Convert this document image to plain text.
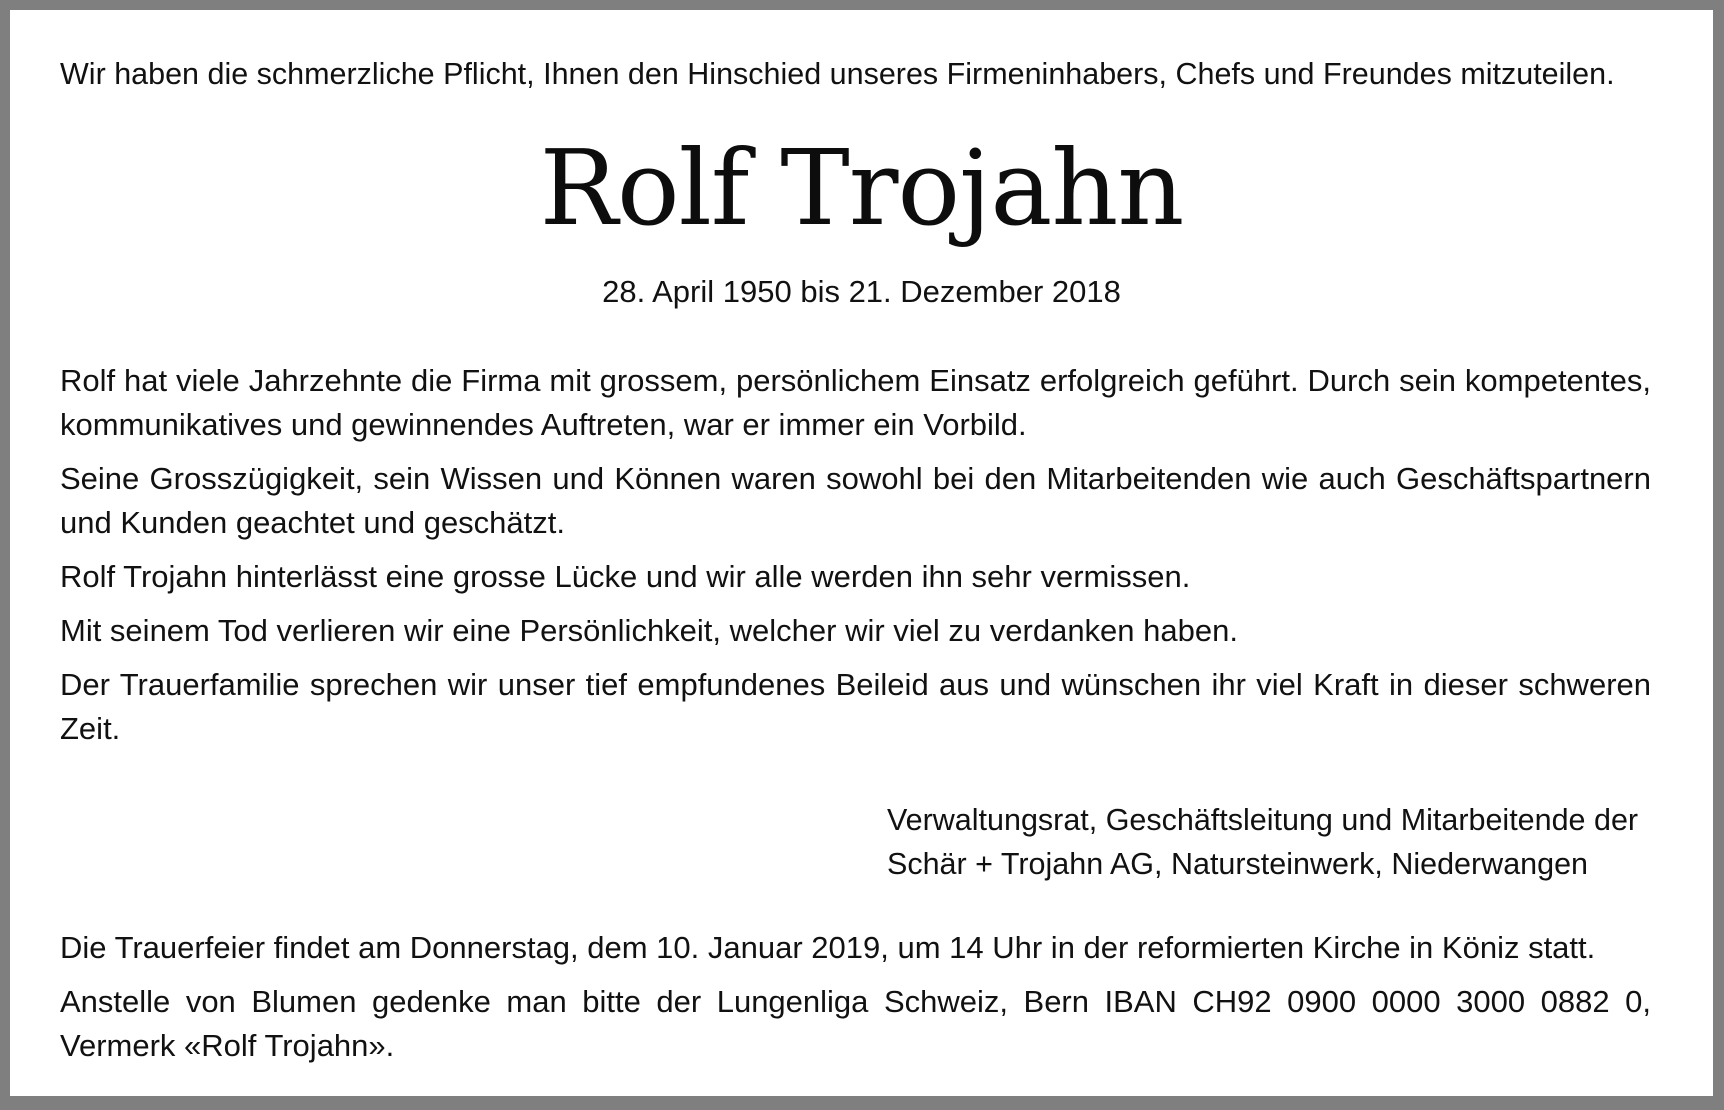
Wir haben die schmerzliche Pflicht, Ihnen den Hinschied unseres Firmeninhabers, Chefs und Freundes mitzuteilen.
Rolf Trojahn
28. April 1950 bis 21. Dezember 2018

Rolf hat viele Jahrzehnte die Firma mit grossem, persönlichem Einsatz erfolgreich geführt. Durch sein kompetentes, kommunikatives und gewinnendes Auftreten, war er immer ein Vorbild.

Seine Grosszügigkeit, sein Wissen und Können waren sowohl bei den Mitarbeitenden wie auch Geschäftspartnern und Kunden geachtet und geschätzt.

Rolf Trojahn hinterlässt eine grosse Lücke und wir alle werden ihn sehr vermissen.

Mit seinem Tod verlieren wir eine Persönlichkeit, welcher wir viel zu verdanken haben.

Der Trauerfamilie sprechen wir unser tief empfundenes Beileid aus und wünschen ihr viel Kraft in dieser schweren Zeit.

Verwaltungsrat, Geschäftsleitung und Mitarbeitende der
Schär + Trojahn AG, Natursteinwerk, Niederwangen

Die Trauerfeier findet am Donnerstag, dem 10. Januar 2019, um 14 Uhr in der reformierten Kirche in Köniz statt.

Anstelle von Blumen gedenke man bitte der Lungenliga Schweiz, Bern IBAN CH92 0900 0000 3000 0882 0, Vermerk «Rolf Trojahn».
